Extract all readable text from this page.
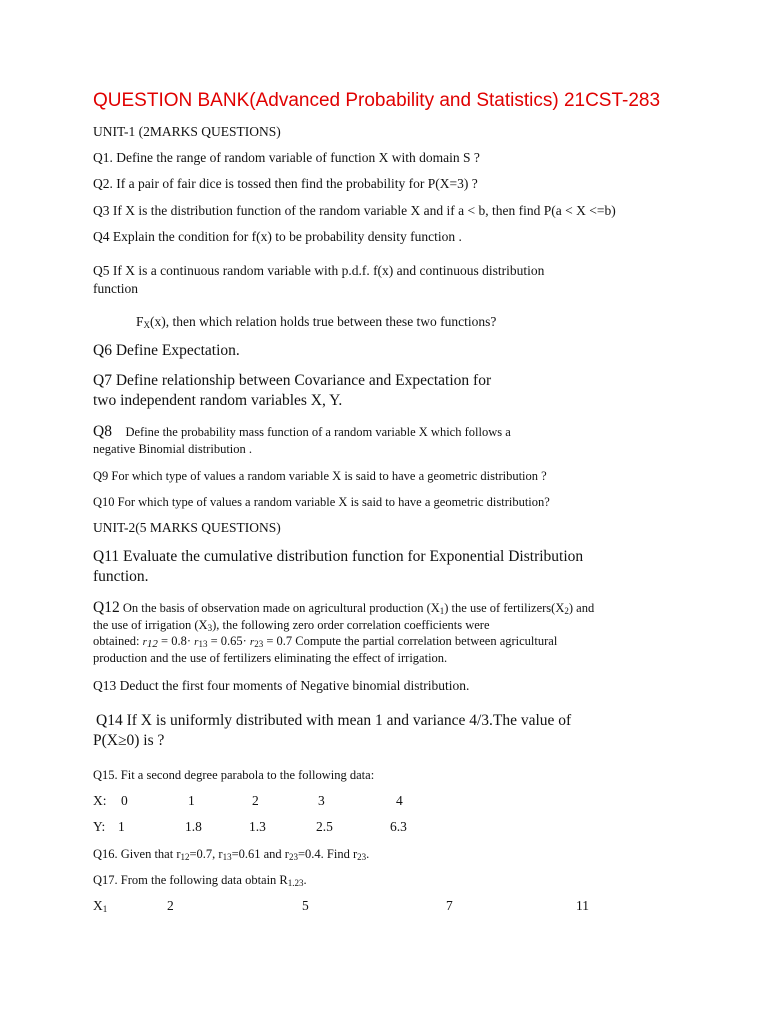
QUESTION BANK(Advanced Probability and Statistics) 21CST-283
UNIT-1 (2MARKS QUESTIONS)
Q1. Define the range of random variable of function X with domain S ?
Q2. If a pair of fair dice is tossed then find the probability for P(X=3) ?
Q3 If X is the distribution function of the random variable X and if a < b, then find P(a < X <=b)
Q4 Explain the condition for f(x) to be probability density function .
Q5 If X is a continuous random variable with p.d.f. f(x) and continuous distribution
function
$F_X(x)$, then which relation holds true between these two functions?
Q6 Define Expectation.
Q7 Define relationship between Covariance and Expectation for
two independent random variables X, Y.
Q8 Define the probability mass function of a random variable X which follows a
negative Binomial distribution .
Q9 For which type of values a random variable X is said to have a geometric distribution ?
Q10 For which type of values a random variable X is said to have a geometric distribution?
UNIT-2(5 MARKS QUESTIONS)
Q11 Evaluate the cumulative distribution function for Exponential Distribution
function.
Q12 On the basis of observation made on agricultural production $(X_1)$ the use of $fertilizers(X_2)$ and
the use of irrigation $(X_3)$, the following zero order correlation coefficients were
obtained: $r_{12} = 0.8\cdot r_{13} = 0.65\cdot r_{23} = 0.7$ Compute the partial correlation between agricultural
production and the use of fertilizers eliminating the effect of irrigation.
Q13 Deduct the first four moments of Negative binomial distribution.
Q14 If X is uniformly distributed with mean 1 and variance 4/3.The value of
P(X≥0) is ?
Q15. Fit a second degree parabola to the following data:
X: 0	1	2	3	4
Y: 1	1.8	1.3	2.5	6.3
Q16. Given that $r_{12}=0.7$, $r_{13}=0.61$ and $r_{23}=0.4$. Find $r_{23}$.
Q17. From the following data obtain $R_{1.23}$.
$X_1$	2	5	7	11
